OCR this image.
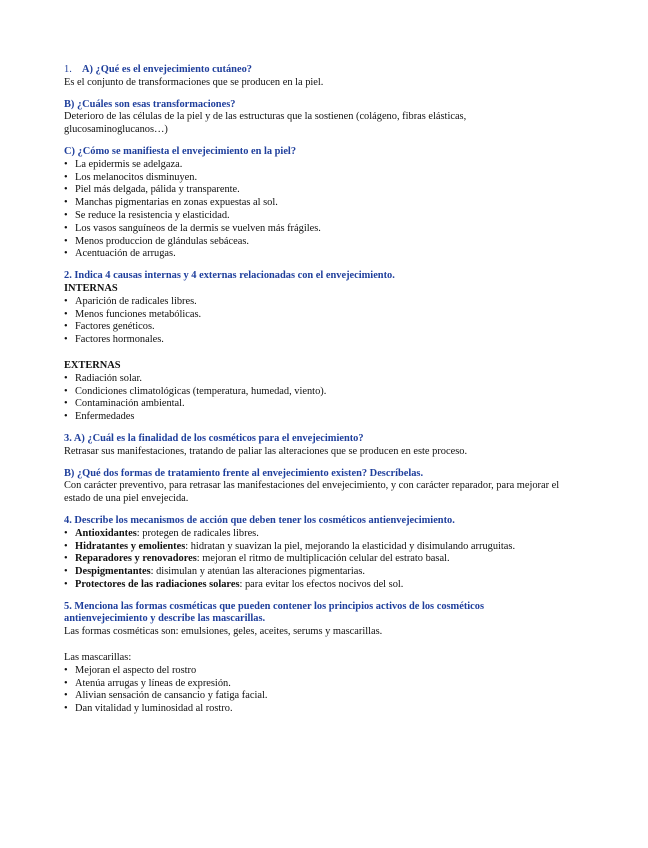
1. A) ¿Qué es el envejecimiento cutáneo?

Es el conjunto de transformaciones que se producen en la piel.

B) ¿Cuáles son esas transformaciones?

Deterioro de las células de la piel y de las estructuras que la sostienen (colágeno, fibras elásticas, glucosaminoglucanos…)

C) ¿Cómo se manifiesta el envejecimiento en la piel?

• La epidermis se adelgaza.
• Los melanocitos disminuyen.
• Piel más delgada, pálida y transparente.
• Manchas pigmentarias en zonas expuestas al sol.
• Se reduce la resistencia y elasticidad.
• Los vasos sanguíneos de la dermis se vuelven más frágiles.
• Menos produccion de glándulas sebáceas.
• Acentuación de arrugas.

2. Indica 4 causas internas y 4 externas relacionadas con el envejecimiento.

INTERNAS

• Aparición de radicales libres.
• Menos funciones metabólicas.
• Factores genéticos.
• Factores hormonales.

EXTERNAS

• Radiación solar.
• Condiciones climatológicas (temperatura, humedad, viento).
• Contaminación ambiental.
• Enfermedades

3. A) ¿Cuál es la finalidad de los cosméticos para el envejecimiento?

Retrasar sus manifestaciones, tratando de paliar las alteraciones que se producen en este proceso.

B) ¿Qué dos formas de tratamiento frente al envejecimiento existen? Descríbelas.

Con carácter preventivo, para retrasar las manifestaciones del envejecimiento, y con carácter reparador, para mejorar el estado de una piel envejecida.

4. Describe los mecanismos de acción que deben tener los cosméticos antienvejecimiento.

• Antioxidantes: protegen de radicales libres.
• Hidratantes y emolientes: hidratan y suavizan la piel, mejorando la elasticidad y disimulando arruguitas.
• Reparadores y renovadores: mejoran el ritmo de multiplicación celular del estrato basal.
• Despigmentantes: disimulan y atenúan las alteraciones pigmentarias.
• Protectores de las radiaciones solares: para evitar los efectos nocivos del sol.

5. Menciona las formas cosméticas que pueden contener los principios activos de los cosméticos antienvejecimiento y describe las mascarillas.

Las formas cosméticas son: emulsiones, geles, aceites, serums y mascarillas.

Las mascarillas:

• Mejoran el aspecto del rostro
• Atenúa arrugas y líneas de expresión.
• Alivian sensación de cansancio y fatiga facial.
• Dan vitalidad y luminosidad al rostro.
